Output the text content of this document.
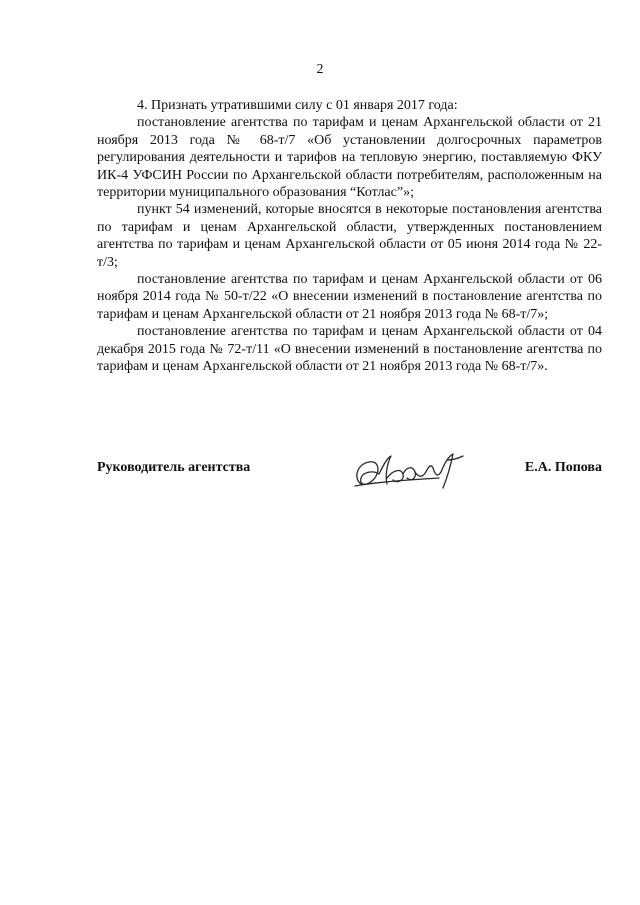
2

4. Признать утратившими силу с 01 января 2017 года:

постановление агентства по тарифам и ценам Архангельской области от 21 ноября 2013 года № 68-т/7 «Об установлении долгосрочных параметров регулирования деятельности и тарифов на тепловую энергию, поставляемую ФКУ ИК-4 УФСИН России по Архангельской области потребителям, расположенным на территории муниципального образования “Котлас”»;

пункт 54 изменений, которые вносятся в некоторые постановления агентства по тарифам и ценам Архангельской области, утвержденных постановлением агентства по тарифам и ценам Архангельской области от 05 июня 2014 года № 22-т/3;

постановление агентства по тарифам и ценам Архангельской области от 06 ноября 2014 года № 50-т/22 «О внесении изменений в постановление агентства по тарифам и ценам Архангельской области от 21 ноября 2013 года № 68-т/7»;

постановление агентства по тарифам и ценам Архангельской области от 04 декабря 2015 года № 72-т/11 «О внесении изменений в постановление агентства по тарифам и ценам Архангельской области от 21 ноября 2013 года № 68-т/7».

Руководитель агентства	Е.А. Попова
